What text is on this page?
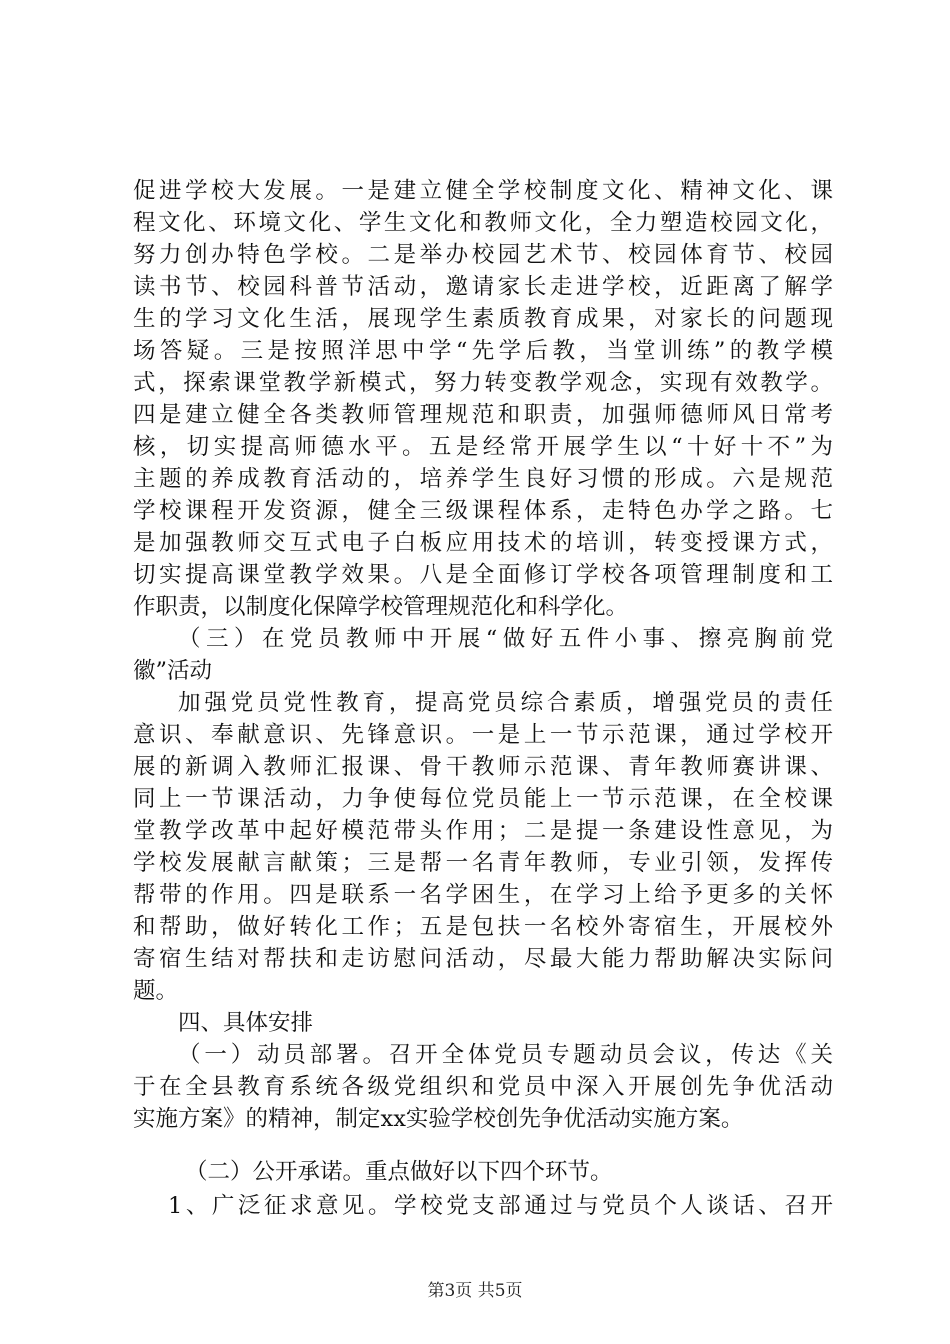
促进学校大发展。一是建立健全学校制度文化、精神文化、课
程文化、环境文化、学生文化和教师文化，全力塑造校园文化，
努力创办特色学校。二是举办校园艺术节、校园体育节、校园
读书节、校园科普节活动，邀请家长走进学校，近距离了解学
生的学习文化生活，展现学生素质教育成果，对家长的问题现
场答疑。三是按照洋思中学“先学后教，当堂训练”的教学模
式，探索课堂教学新模式，努力转变教学观念，实现有效教学。
四是建立健全各类教师管理规范和职责，加强师德师风日常考
核，切实提高师德水平。五是经常开展学生以“十好十不”为
主题的养成教育活动的，培养学生良好习惯的形成。六是规范
学校课程开发资源，健全三级课程体系，走特色办学之路。七
是加强教师交互式电子白板应用技术的培训，转变授课方式，
切实提高课堂教学效果。八是全面修订学校各项管理制度和工
作职责，以制度化保障学校管理规范化和科学化。
（三）在党员教师中开展“做好五件小事、擦亮胸前党
徽”活动
加强党员党性教育，提高党员综合素质，增强党员的责任
意识、奉献意识、先锋意识。一是上一节示范课，通过学校开
展的新调入教师汇报课、骨干教师示范课、青年教师赛讲课、
同上一节课活动，力争使每位党员能上一节示范课，在全校课
堂教学改革中起好模范带头作用；二是提一条建设性意见，为
学校发展献言献策；三是帮一名青年教师，专业引领，发挥传
帮带的作用。四是联系一名学困生，在学习上给予更多的关怀
和帮助，做好转化工作；五是包扶一名校外寄宿生，开展校外
寄宿生结对帮扶和走访慰问活动，尽最大能力帮助解决实际问
题。
四、具体安排
（一）动员部署。召开全体党员专题动员会议，传达《关
于在全县教育系统各级党组织和党员中深入开展创先争优活动
实施方案》的精神，制定xx实验学校创先争优活动实施方案。
（二）公开承诺。重点做好以下四个环节。
1、广泛征求意见。学校党支部通过与党员个人谈话、召开
第3页 共5页
